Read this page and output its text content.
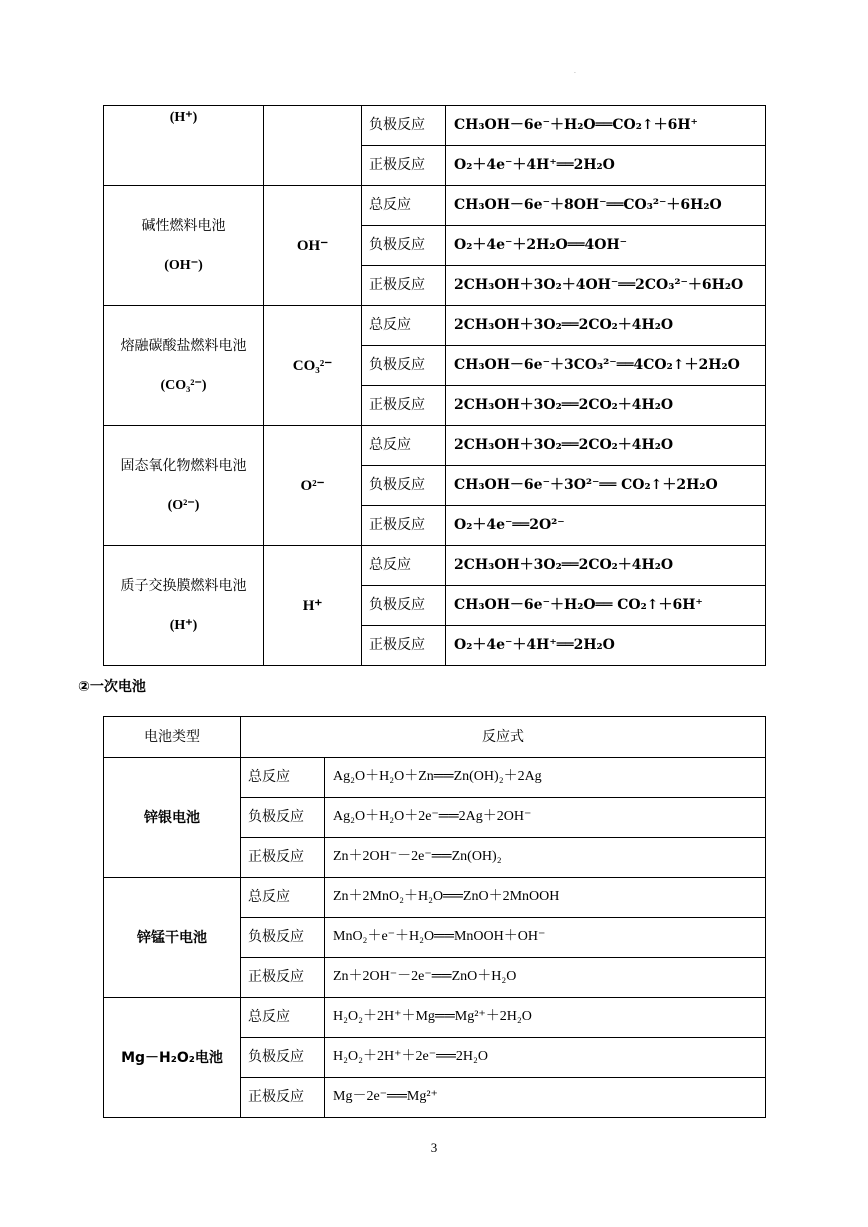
·
(H⁺)		负极反应	CH₃OH－6e⁻＋H₂O══CO₂↑＋6H⁺
		正极反应	O₂＋4e⁻＋4H⁺══2H₂O

碱性燃料电池
(OH⁻)	OH⁻	总反应	CH₃OH－6e⁻＋8OH⁻══CO₃²⁻＋6H₂O
		负极反应	O₂＋4e⁻＋2H₂O══4OH⁻
		正极反应	2CH₃OH＋3O₂＋4OH⁻══2CO₃²⁻＋6H₂O

熔融碳酸盐燃料电池
(CO₃²⁻)	CO₃²⁻	总反应	2CH₃OH＋3O₂══2CO₂＋4H₂O
		负极反应	CH₃OH－6e⁻＋3CO₃²⁻══4CO₂↑＋2H₂O
		正极反应	2CH₃OH＋3O₂══2CO₂＋4H₂O

固态氧化物燃料电池
(O²⁻)	O²⁻	总反应	2CH₃OH＋3O₂══2CO₂＋4H₂O
		负极反应	CH₃OH－6e⁻＋3O²⁻══ CO₂↑＋2H₂O
		正极反应	O₂＋4e⁻══2O²⁻

质子交换膜燃料电池
(H⁺)	H⁺	总反应	2CH₃OH＋3O₂══2CO₂＋4H₂O
		负极反应	CH₃OH－6e⁻＋H₂O══ CO₂↑＋6H⁺
		正极反应	O₂＋4e⁻＋4H⁺══2H₂O
②一次电池
电池类型	反应式	
锌银电池	总反应	Ag₂O＋H₂O＋Zn══Zn(OH)₂＋2Ag
	负极反应	Ag₂O＋H₂O＋2e⁻══2Ag＋2OH⁻
	正极反应	Zn＋2OH⁻－2e⁻══Zn(OH)₂
锌锰干电池	总反应	Zn＋2MnO₂＋H₂O══ZnO＋2MnOOH
	负极反应	MnO₂＋e⁻＋H₂O══MnOOH＋OH⁻
	正极反应	Zn＋2OH⁻－2e⁻══ZnO＋H₂O
Mg－H₂O₂电池	总反应	H₂O₂＋2H⁺＋Mg══Mg²⁺＋2H₂O
	负极反应	H₂O₂＋2H⁺＋2e⁻══2H₂O
	正极反应	Mg－2e⁻══Mg²⁺
3
